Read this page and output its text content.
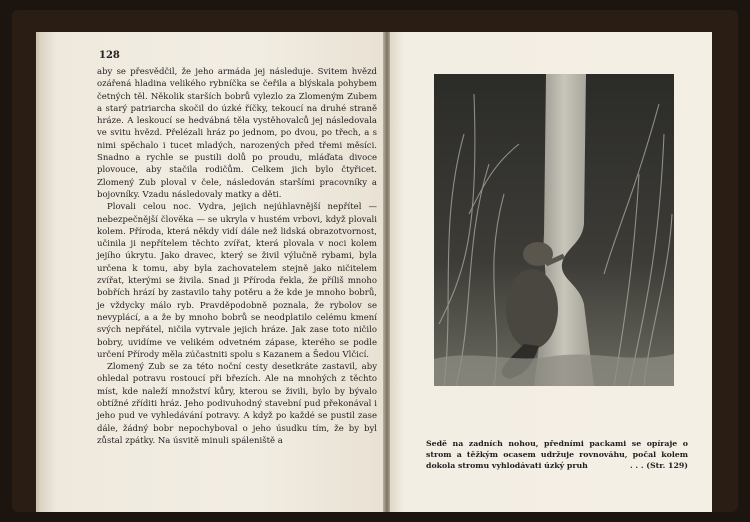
128

aby se přesvědčil, že jeho armáda jej následuje. Svitem hvězd ozářená hladina velikého rybníčka se čeřila a blýskala pohybem četných těl. Několik starších bobrů vylezlo za Zlomeným Zubem a starý patriarcha skočil do úzké říčky, tekoucí na druhé straně hráze. A leskoucí se hedvábná těla vystěhovalců jej následovala ve svitu hvězd. Přelézali hráz po jednom, po dvou, po třech, a s nimi spěchalo i tucet mladých, narozených před třemi měsíci. Snadno a rychle se pustili dolů po proudu, mláďata divoce plovouce, aby stačila rodičům. Celkem jich bylo čtyřicet. Zlomený Zub ploval v čele, následován staršími pracovníky a bojovníky. Vzadu následovaly matky a děti.

Plovali celou noc. Vydra, jejich nejúhlavnější nepřítel — nebezpečnější člověka — se ukryla v hustém vrbovi, když plovali kolem. Příroda, která někdy vidí dále než lidská obrazotvornost, učinila ji nepřítelem těchto zvířat, která plovala v noci kolem jejího úkrytu. Jako dravec, který se živil výlučně rybami, byla určena k tomu, aby byla zachovatelem stejně jako ničitelem zvířat, kterými se živila. Snad ji Příroda řekla, že příliš mnoho bobřích hrází by zastavilo tahy potěru a že kde je mnoho bobrů, je vždycky málo ryb. Pravděpodobně poznala, že rybolov se nevyplácí, a a že by mnoho bobrů se neodplatilo celému kmení svých nepřátel, ničila vytrvale jejich hráze. Jak zase toto ničilo bobry, uvidíme ve velikém odvetném zápase, kterého se podle určení Přírody měla zúčastniti spolu s Kazanem a Šedou Vlčicí.

Zlomený Zub se za této noční cesty desetkráte zastavil, aby ohledal potravu rostoucí při březích. Ale na mnohých z těchto míst, kde naleží množství kůry, kterou se živili, bylo by bývalo obtížné zříditi hráz. Jeho podivuhodný stavební pud překonával i jeho pud ve vyhledávání potravy. A když po každé se pustil zase dále, žádný bobr nepochyboval o jeho úsudku tím, že by byl zůstal zpátky. Na úsvitě minuli spáleniště a	Sedě na zadních nohou, předními packami se opíraje o strom a těžkým ocasem udržuje rovnováhu, počal kolem dokola stromu vyhlodávati úzký pruh	. . . (Str. 129)
